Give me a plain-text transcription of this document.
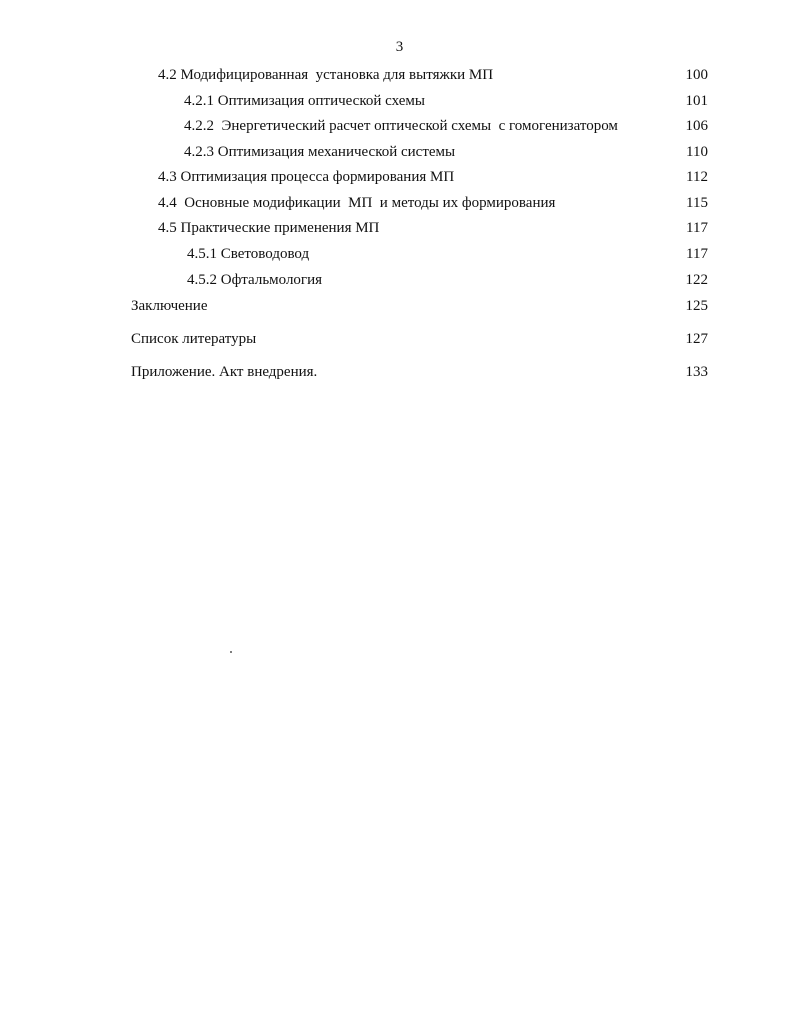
3
4.2 Модифицированная  установка для вытяжки МП	100
4.2.1 Оптимизация оптической схемы	101
4.2.2  Энергетический расчет оптической схемы  с гомогенизатором	106
4.2.3 Оптимизация механической системы	110
4.3 Оптимизация процесса формирования МП	112
4.4  Основные модификации  МП  и методы их формирования	115
4.5 Практические применения МП	117
4.5.1 Световодовод	117
4.5.2 Офтальмология	122
Заключение	125
Список литературы	127
Приложение. Акт внедрения.	133
